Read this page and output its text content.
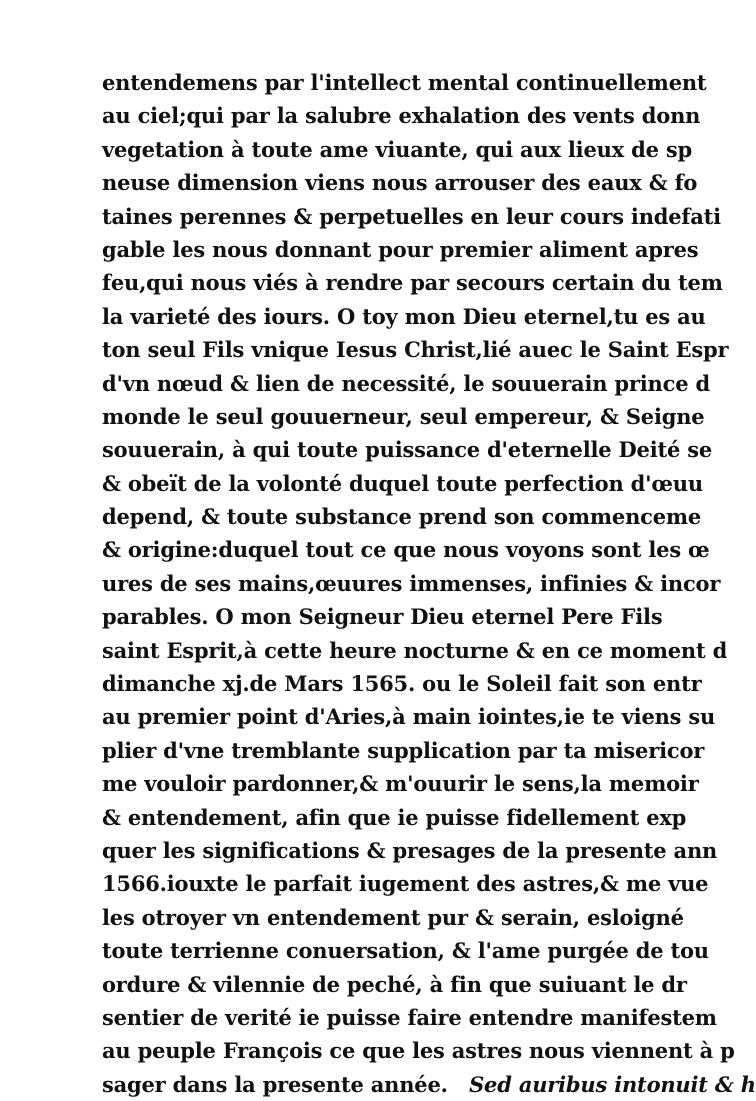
entendemens par l'intellect mental continuellement
au ciel;qui par la salubre exhalation des vents donn
vegetation à toute ame viuante, qui aux lieux de sp
neuse dimension viens nous arrouser des eaux & fo
taines perennes & perpetuelles en leur cours indefati
gable les nous donnant pour premier aliment apres
feu,qui nous viés à rendre par secours certain du tem
la varieté des iours. O toy mon Dieu eternel,tu es au
ton seul Fils vnique Iesus Christ,lié auec le Saint Espr
d'vn nœud & lien de necessité, le souuerain prince d
monde le seul gouuerneur, seul empereur, & Seigne
souuerain, à qui toute puissance d'eternelle Deité se
& obeït de la volonté duquel toute perfection d'œuu
depend, & toute substance prend son commenceme
& origine:duquel tout ce que nous voyons sont les œ
ures de ses mains,œuures immenses, infinies & incor
parables. O mon Seigneur Dieu eternel Pere Fils
saint Esprit,à cette heure nocturne & en ce moment d
dimanche xj.de Mars 1565. ou le Soleil fait son entr
au premier point d'Aries,à main iointes,ie te viens su
plier d'vne tremblante supplication par ta misericor
me vouloir pardonner,& m'ouurir le sens,la memoir
& entendement, afin que ie puisse fidellement exp
quer les significations & presages de la presente ann
1566.iouxte le parfait iugement des astres,& me vue
les otroyer vn entendement pur & serain, esloigné
toute terrienne conuersation, & l'ame purgée de tou
ordure & vilennie de peché, à fin que suiuant le dr
sentier de verité ie puisse faire entendre manifestem
au peuple François ce que les astres nous viennent à p
sager dans la presente année. Sed auribus intonuit & h
